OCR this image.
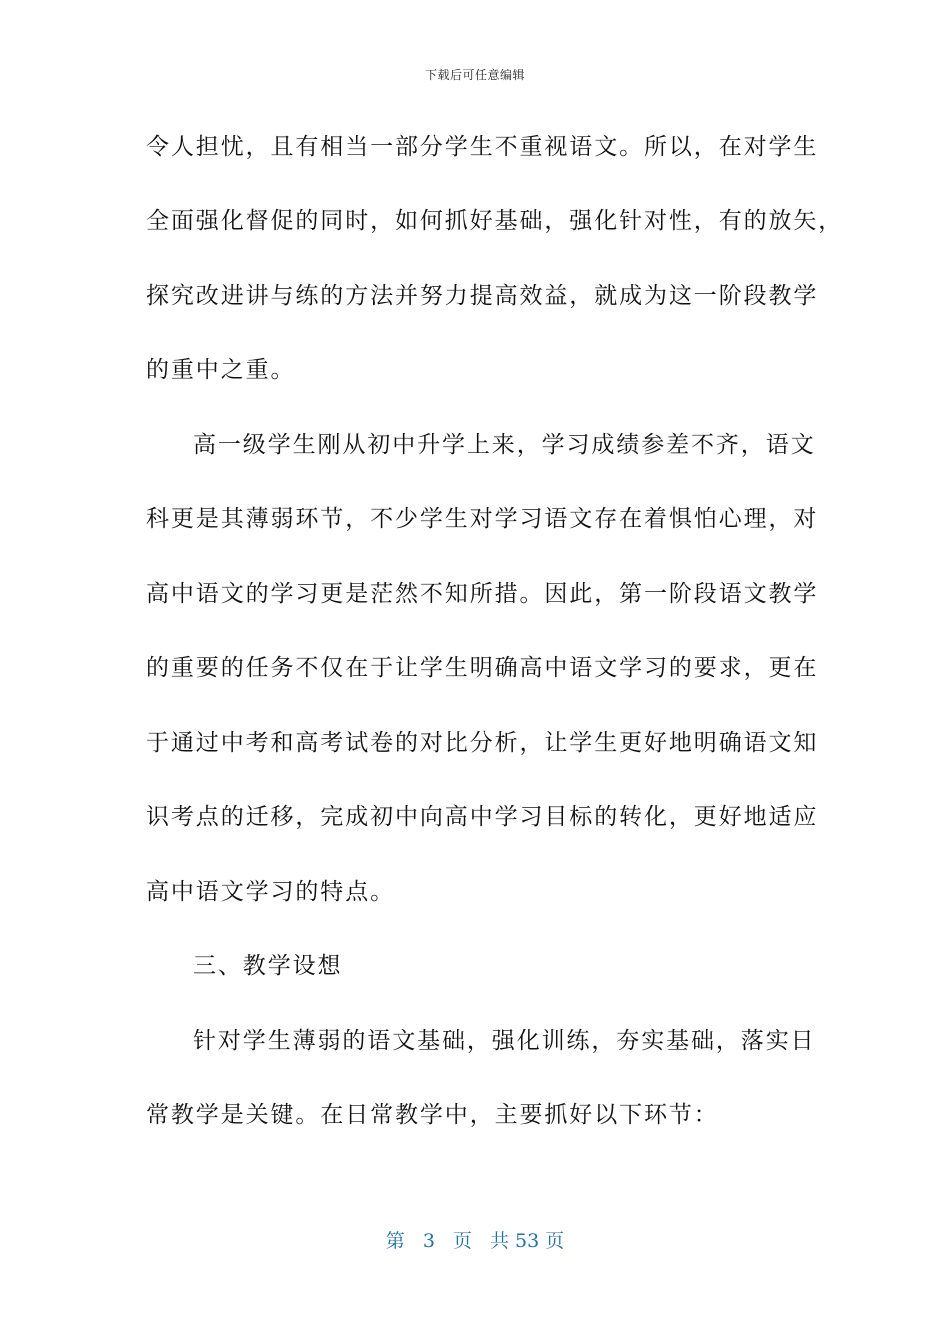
下载后可任意编辑
令人担忧，且有相当一部分学生不重视语文。所以，在对学生
全面强化督促的同时，如何抓好基础，强化针对性，有的放矢，
探究改进讲与练的方法并努力提高效益，就成为这一阶段教学
的重中之重。
高一级学生刚从初中升学上来，学习成绩参差不齐，语文
科更是其薄弱环节，不少学生对学习语文存在着惧怕心理，对
高中语文的学习更是茫然不知所措。因此，第一阶段语文教学
的重要的任务不仅在于让学生明确高中语文学习的要求，更在
于通过中考和高考试卷的对比分析，让学生更好地明确语文知
识考点的迁移，完成初中向高中学习目标的转化，更好地适应
高中语文学习的特点。
三、教学设想
针对学生薄弱的语文基础，强化训练，夯实基础，落实日
常教学是关键。在日常教学中，主要抓好以下环节：
第 3 页 共 53 页
